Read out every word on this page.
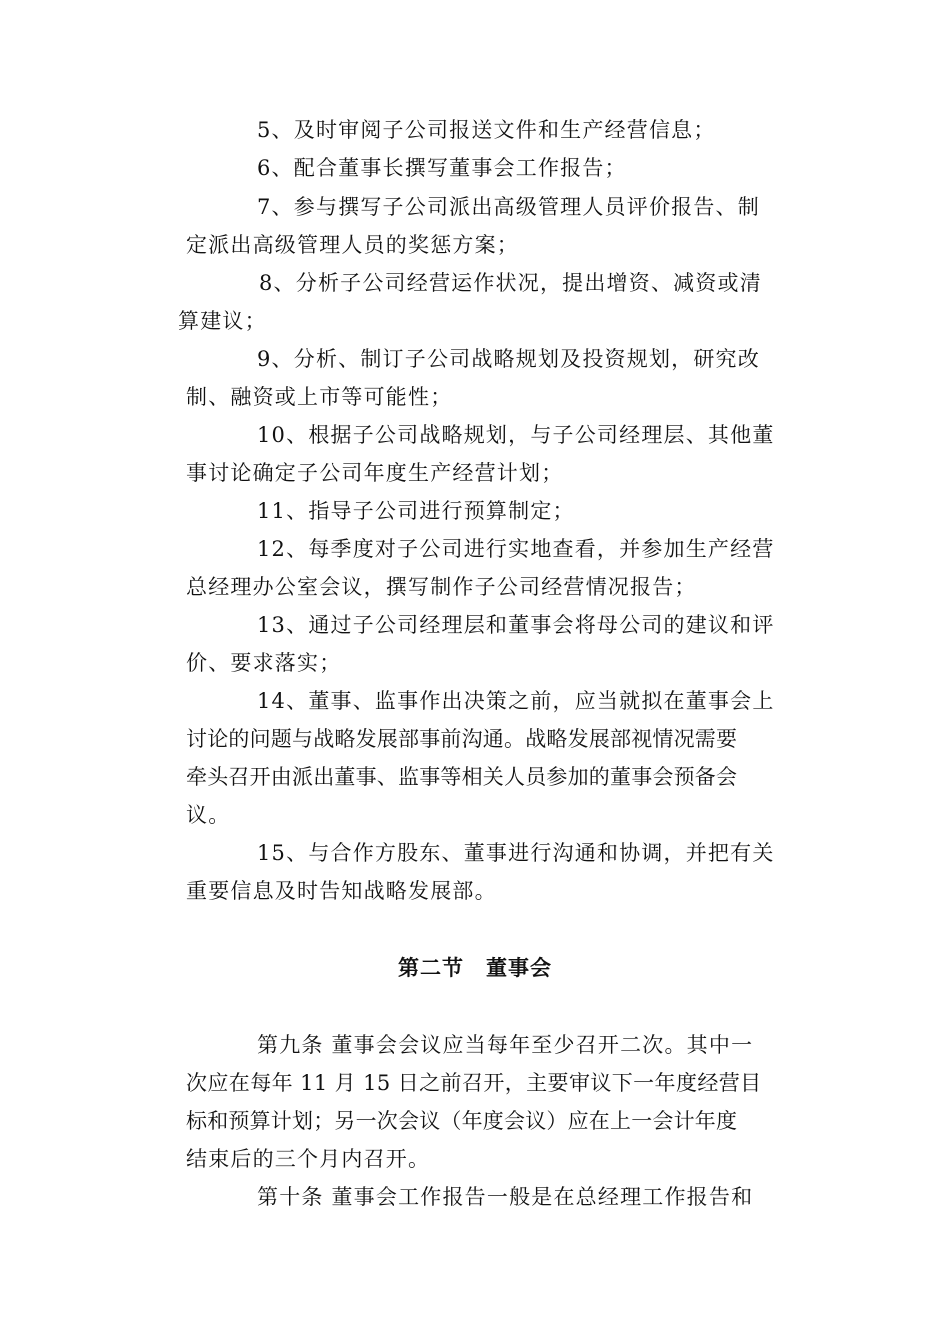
5、及时审阅子公司报送文件和生产经营信息；
6、配合董事长撰写董事会工作报告；
7、参与撰写子公司派出高级管理人员评价报告、制
定派出高级管理人员的奖惩方案；
8、分析子公司经营运作状况，提出增资、减资或清
算建议；
9、分析、制订子公司战略规划及投资规划，研究改
制、融资或上市等可能性；
10、根据子公司战略规划，与子公司经理层、其他董
事讨论确定子公司年度生产经营计划；
11、指导子公司进行预算制定；
12、每季度对子公司进行实地查看，并参加生产经营
总经理办公室会议，撰写制作子公司经营情况报告；
13、通过子公司经理层和董事会将母公司的建议和评
价、要求落实；
14、董事、监事作出决策之前，应当就拟在董事会上
讨论的问题与战略发展部事前沟通。战略发展部视情况需要
牵头召开由派出董事、监事等相关人员参加的董事会预备会
议。
15、与合作方股东、董事进行沟通和协调，并把有关
重要信息及时告知战略发展部。
第二节　董事会
第九条 董事会会议应当每年至少召开二次。其中一
次应在每年 11 月 15 日之前召开，主要审议下一年度经营目
标和预算计划；另一次会议（年度会议）应在上一会计年度
结束后的三个月内召开。
第十条 董事会工作报告一般是在总经理工作报告和
